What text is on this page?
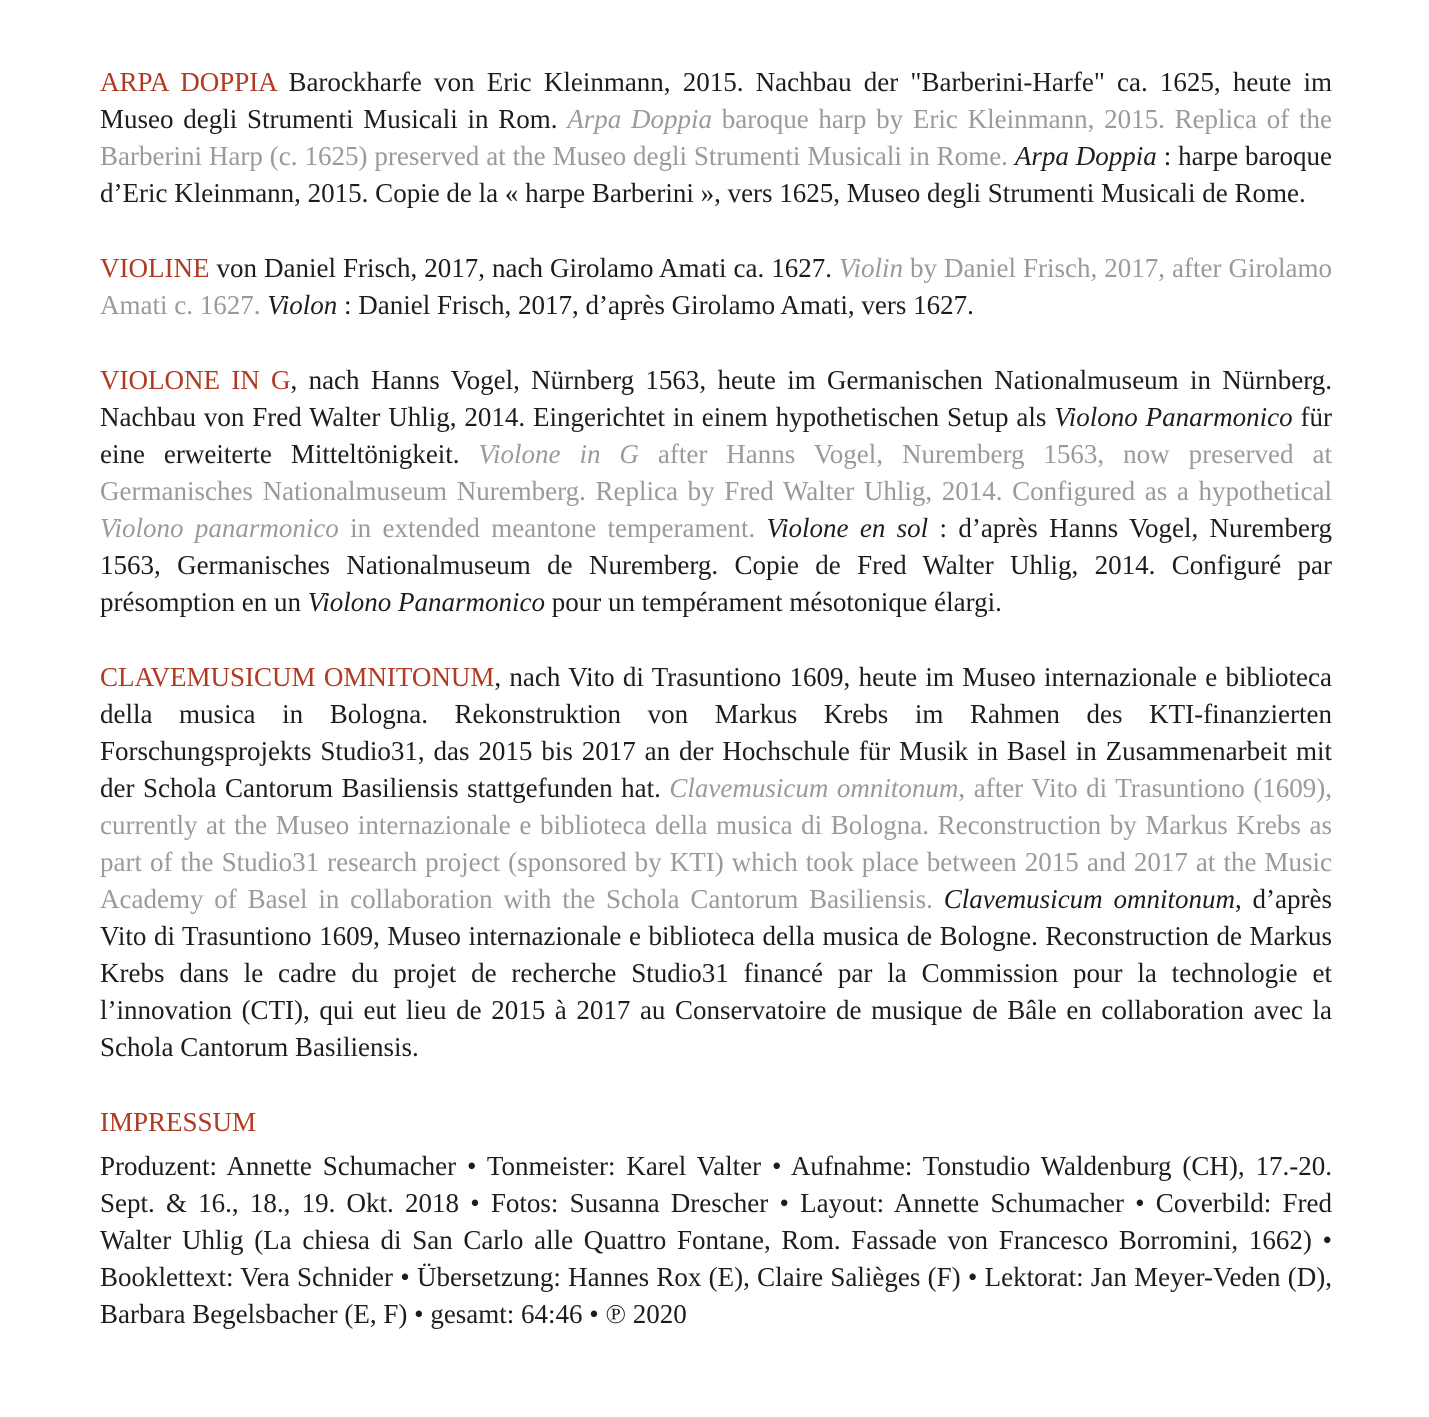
ARPA DOPPIA Barockharfe von Eric Kleinmann, 2015. Nachbau der "Barberini-Harfe" ca. 1625, heute im Museo degli Strumenti Musicali in Rom. Arpa Doppia baroque harp by Eric Kleinmann, 2015. Replica of the Barberini Harp (c. 1625) preserved at the Museo degli Strumenti Musicali in Rome. Arpa Doppia : harpe baroque d’Eric Kleinmann, 2015. Copie de la « harpe Barberini », vers 1625, Museo degli Strumenti Musicali de Rome.

VIOLINE von Daniel Frisch, 2017, nach Girolamo Amati ca. 1627. Violin by Daniel Frisch, 2017, after Girolamo Amati c. 1627. Violon : Daniel Frisch, 2017, d’après Girolamo Amati, vers 1627.

VIOLONE IN G, nach Hanns Vogel, Nürnberg 1563, heute im Germanischen Nationalmuseum in Nürnberg. Nachbau von Fred Walter Uhlig, 2014. Eingerichtet in einem hypothetischen Setup als Violono Panarmonico für eine erweiterte Mitteltönigkeit. Violone in G after Hanns Vogel, Nuremberg 1563, now preserved at Germanisches Nationalmuseum Nuremberg. Replica by Fred Walter Uhlig, 2014. Configured as a hypothetical Violono panarmonico in extended meantone temperament. Violone en sol : d’après Hanns Vogel, Nuremberg 1563, Germanisches Nationalmuseum de Nuremberg. Copie de Fred Walter Uhlig, 2014. Configuré par présomption en un Violono Panarmonico pour un tempérament mésotonique élargi.

CLAVEMUSICUM OMNITONUM, nach Vito di Trasuntiono 1609, heute im Museo internazionale e biblioteca della musica in Bologna. Rekonstruktion von Markus Krebs im Rahmen des KTI-finanzierten Forschungsprojekts Studio31, das 2015 bis 2017 an der Hochschule für Musik in Basel in Zusammenarbeit mit der Schola Cantorum Basiliensis stattgefunden hat. Clavemusicum omnitonum, after Vito di Trasuntiono (1609), currently at the Museo internazionale e biblioteca della musica di Bologna. Reconstruction by Markus Krebs as part of the Studio31 research project (sponsored by KTI) which took place between 2015 and 2017 at the Music Academy of Basel in collaboration with the Schola Cantorum Basiliensis. Clavemusicum omnitonum, d’après Vito di Trasuntiono 1609, Museo internazionale e biblioteca della musica de Bologne. Reconstruction de Markus Krebs dans le cadre du projet de recherche Studio31 financé par la Commission pour la technologie et l’innovation (CTI), qui eut lieu de 2015 à 2017 au Conservatoire de musique de Bâle en collaboration avec la Schola Cantorum Basiliensis.

IMPRESSUM

Produzent: Annette Schumacher • Tonmeister: Karel Valter • Aufnahme: Tonstudio Waldenburg (CH), 17.-20. Sept. & 16., 18., 19. Okt. 2018 • Fotos: Susanna Drescher • Layout: Annette Schumacher • Coverbild: Fred Walter Uhlig (La chiesa di San Carlo alle Quattro Fontane, Rom. Fassade von Francesco Borromini, 1662) • Booklettext: Vera Schnider • Übersetzung: Hannes Rox (E), Claire Salièges (F) • Lektorat: Jan Meyer-Veden (D), Barbara Begelsbacher (E, F) • gesamt: 64:46 • ℗ 2020
